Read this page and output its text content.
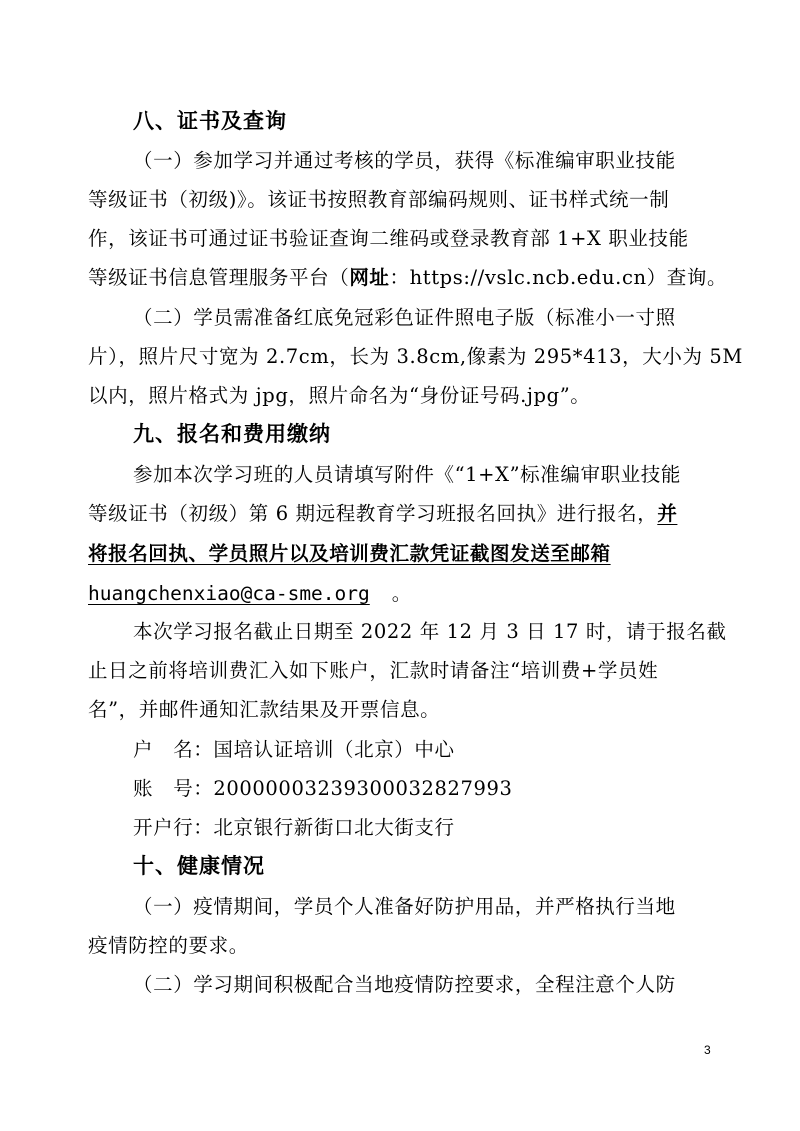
八、证书及查询
（一）参加学习并通过考核的学员，获得《标准编审职业技能
等级证书（初级)》。该证书按照教育部编码规则、证书样式统一制
作，该证书可通过证书验证查询二维码或登录教育部 1+X 职业技能
等级证书信息管理服务平台（网址：https://vslc.ncb.edu.cn）查询。
（二）学员需准备红底免冠彩色证件照电子版（标准小一寸照
片），照片尺寸宽为 2.7cm，长为 3.8cm,像素为 295*413，大小为 5M
以内，照片格式为 jpg，照片命名为“身份证号码.jpg”。
九、报名和费用缴纳
参加本次学习班的人员请填写附件《“1+X”标准编审职业技能
等级证书（初级）第 6 期远程教育学习班报名回执》进行报名，并
将报名回执、学员照片以及培训费汇款凭证截图发送至邮箱
huangchenxiao@ca-sme.org 。
本次学习报名截止日期至 2022 年 12 月 3 日 17 时，请于报名截
止日之前将培训费汇入如下账户，汇款时请备注“培训费+学员姓
名”，并邮件通知汇款结果及开票信息。
户　名：国培认证培训（北京）中心
账　号：20000003239300032827993
开户行：北京银行新街口北大街支行
十、健康情况
（一）疫情期间，学员个人准备好防护用品，并严格执行当地
疫情防控的要求。
（二）学习期间积极配合当地疫情防控要求，全程注意个人防
3
